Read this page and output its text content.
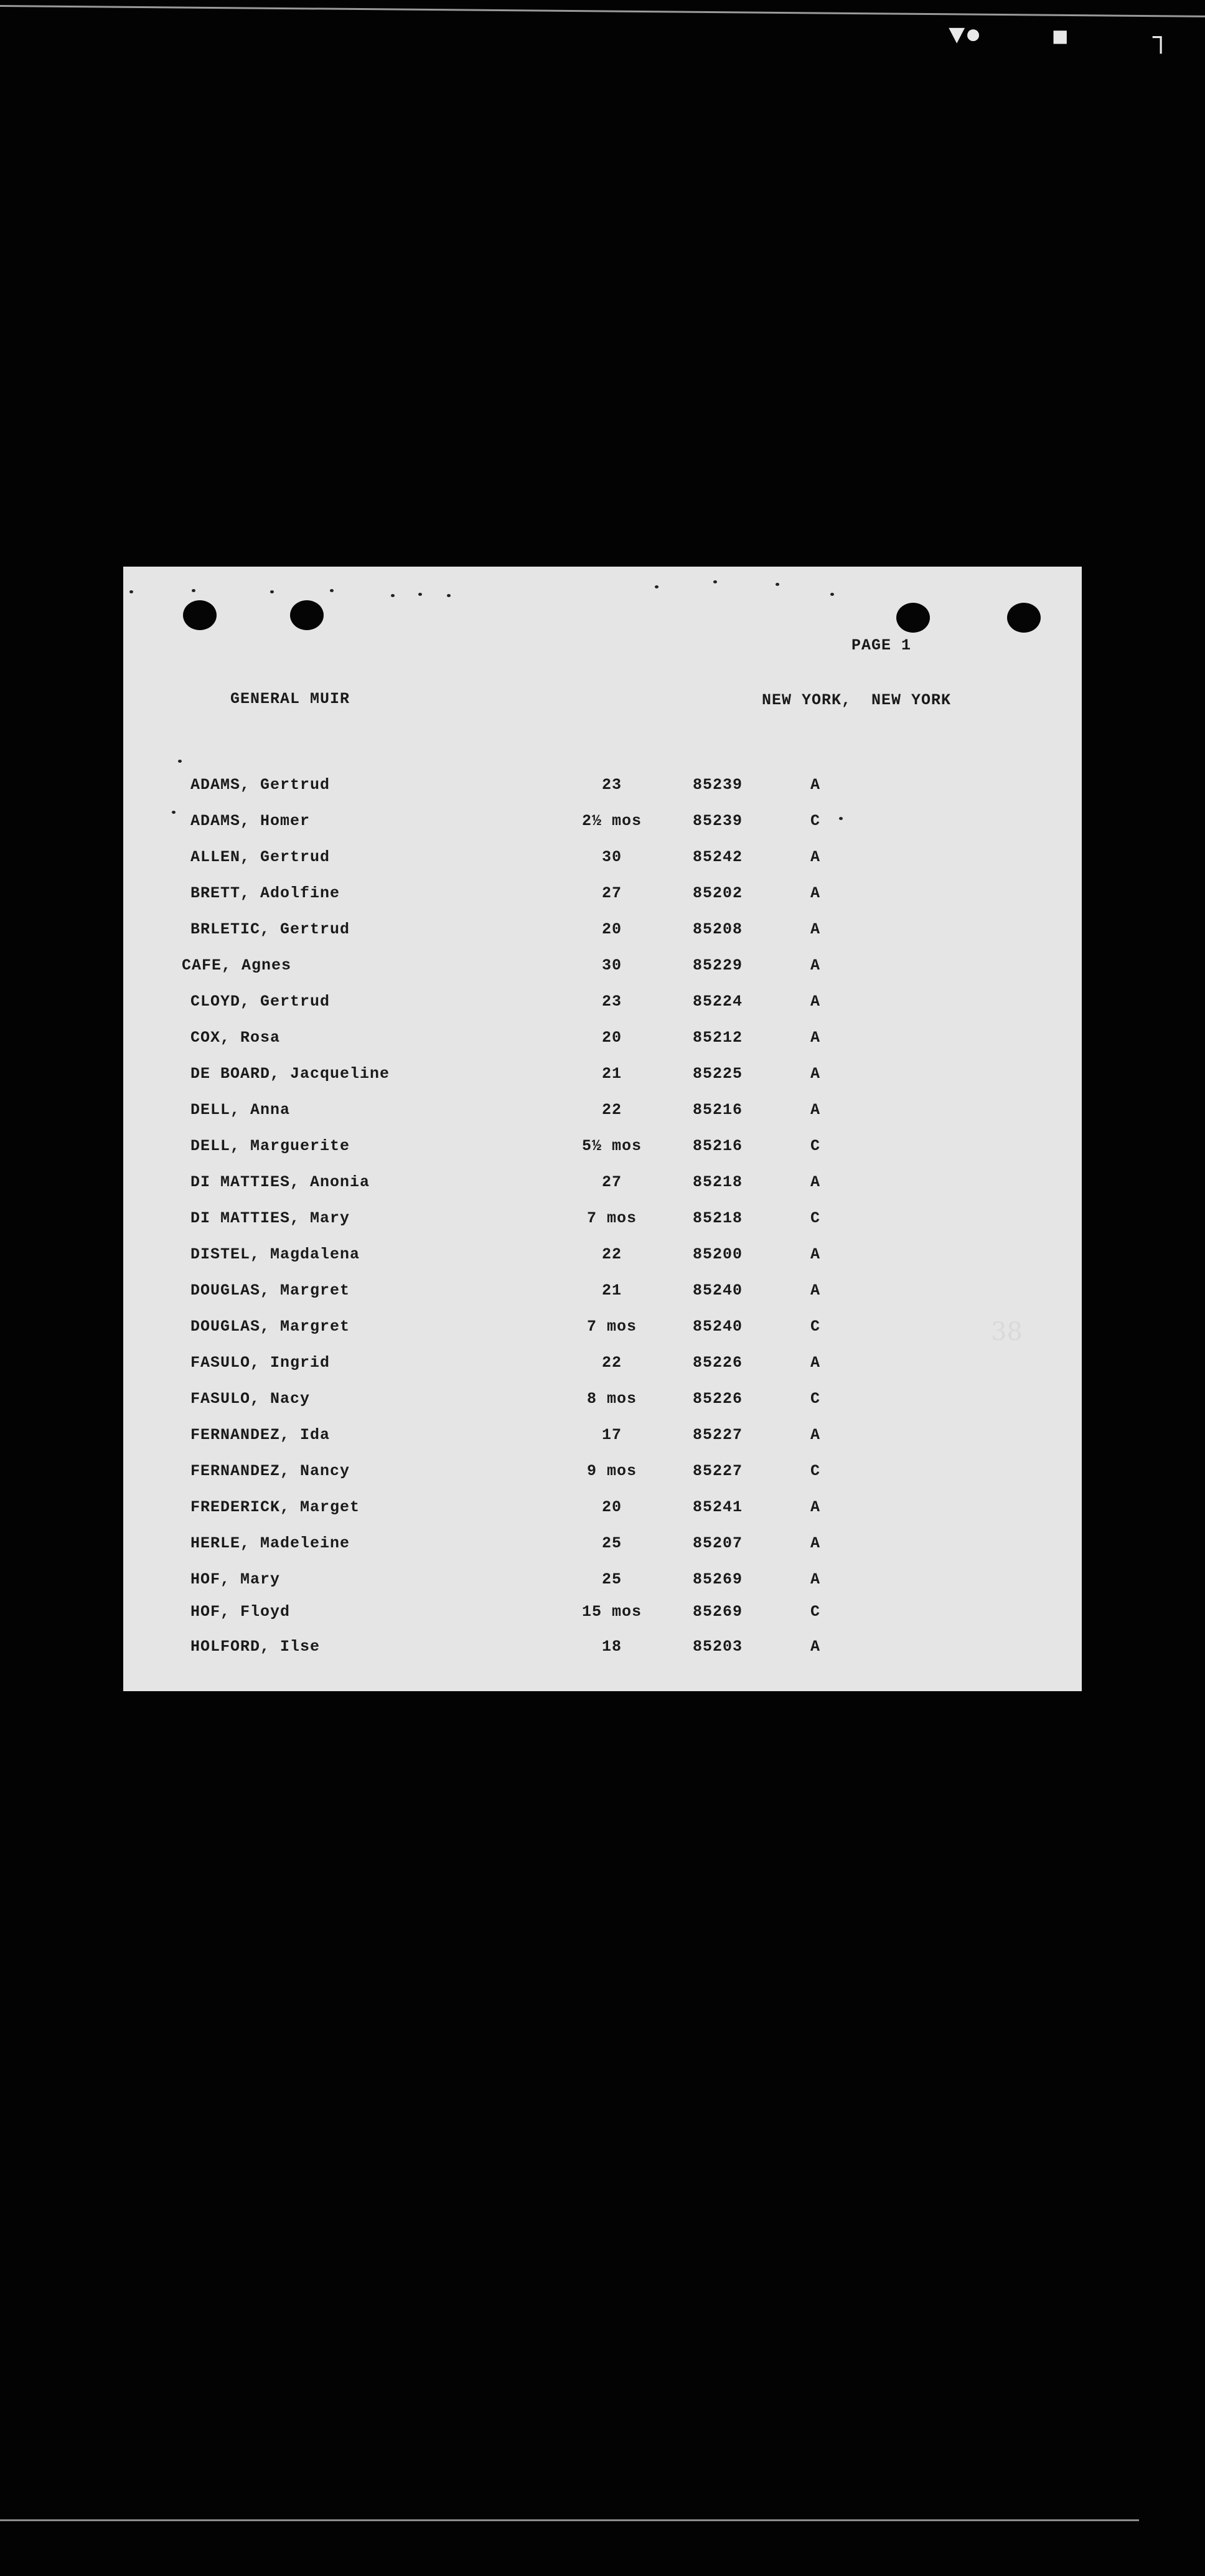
▼●	■	┐
PAGE 1
GENERAL MUIR	NEW YORK,  NEW YORK
ADAMS, Gertrud	23	85239	A
ADAMS, Homer	2½ mos	85239	C
ALLEN, Gertrud	30	85242	A
BRETT, Adolfine	27	85202	A
BRLETIC, Gertrud	20	85208	A
CAFE, Agnes	30	85229	A
CLOYD, Gertrud	23	85224	A
COX, Rosa	20	85212	A
DE BOARD, Jacqueline	21	85225	A
DELL, Anna	22	85216	A
DELL, Marguerite	5½ mos	85216	C
DI MATTIES, Anonia	27	85218	A
DI MATTIES, Mary	7 mos	85218	C
DISTEL, Magdalena	22	85200	A
DOUGLAS, Margret	21	85240	A
DOUGLAS, Margret	7 mos	85240	C
FASULO, Ingrid	22	85226	A
FASULO, Nacy	8 mos	85226	C
FERNANDEZ, Ida	17	85227	A
FERNANDEZ, Nancy	9 mos	85227	C
FREDERICK, Marget	20	85241	A
HERLE, Madeleine	25	85207	A
HOF, Mary	25	85269	A
HOF, Floyd	15 mos	85269	C
HOLFORD, Ilse	18	85203	A
38
